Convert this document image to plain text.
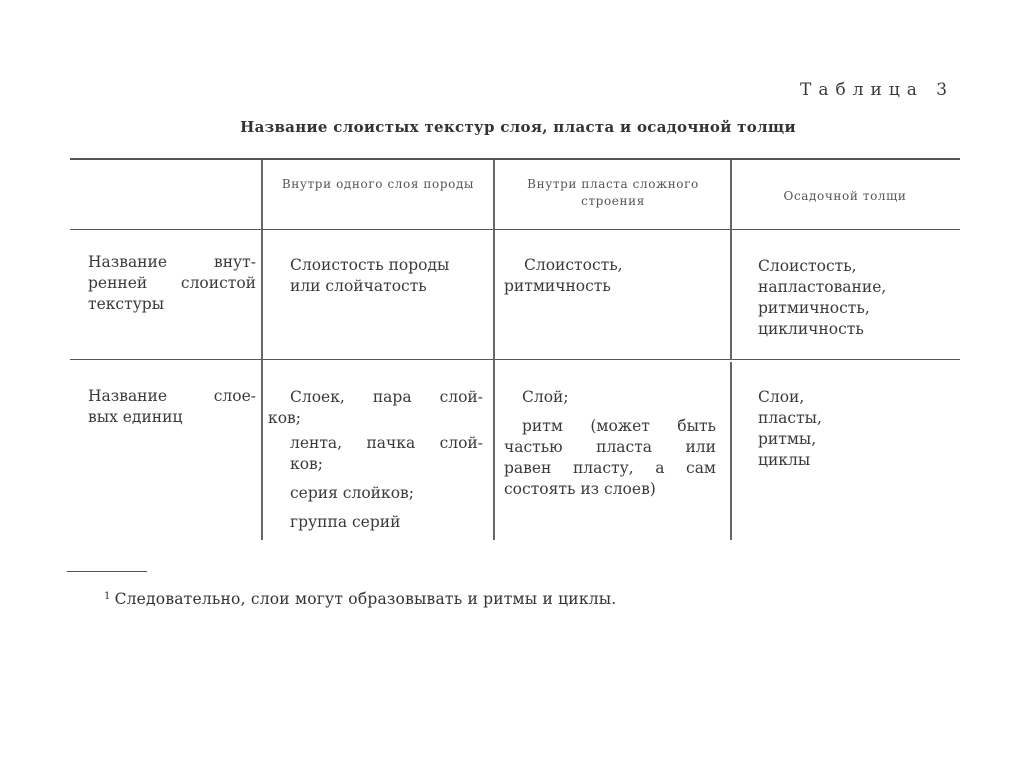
Таблица 3
Название слоистых текстур слоя, пласта и осадочной толщи
Внутри одного слоя породы	Внутри пласта сложного строения	Осадочной толщи

Название внут-

ренней слоистой

текстуры

Слоистость породы

или слойчатость

Слоистость,

ритмичность

Слоистость,

напластование,

ритмичность,

цикличность

Название слое-

вых единиц

Слоек, пара слой-

ков;

лента, пачка слой-

ков;

серия слойков;

группа серий

Слой;

ритм (может быть

частью пласта или

равен пласту, а сам

состоять из слоев)

Слои,

пласты,

ритмы,

циклы

$^1$ Следовательно, слои могут образовывать и ритмы и циклы.
